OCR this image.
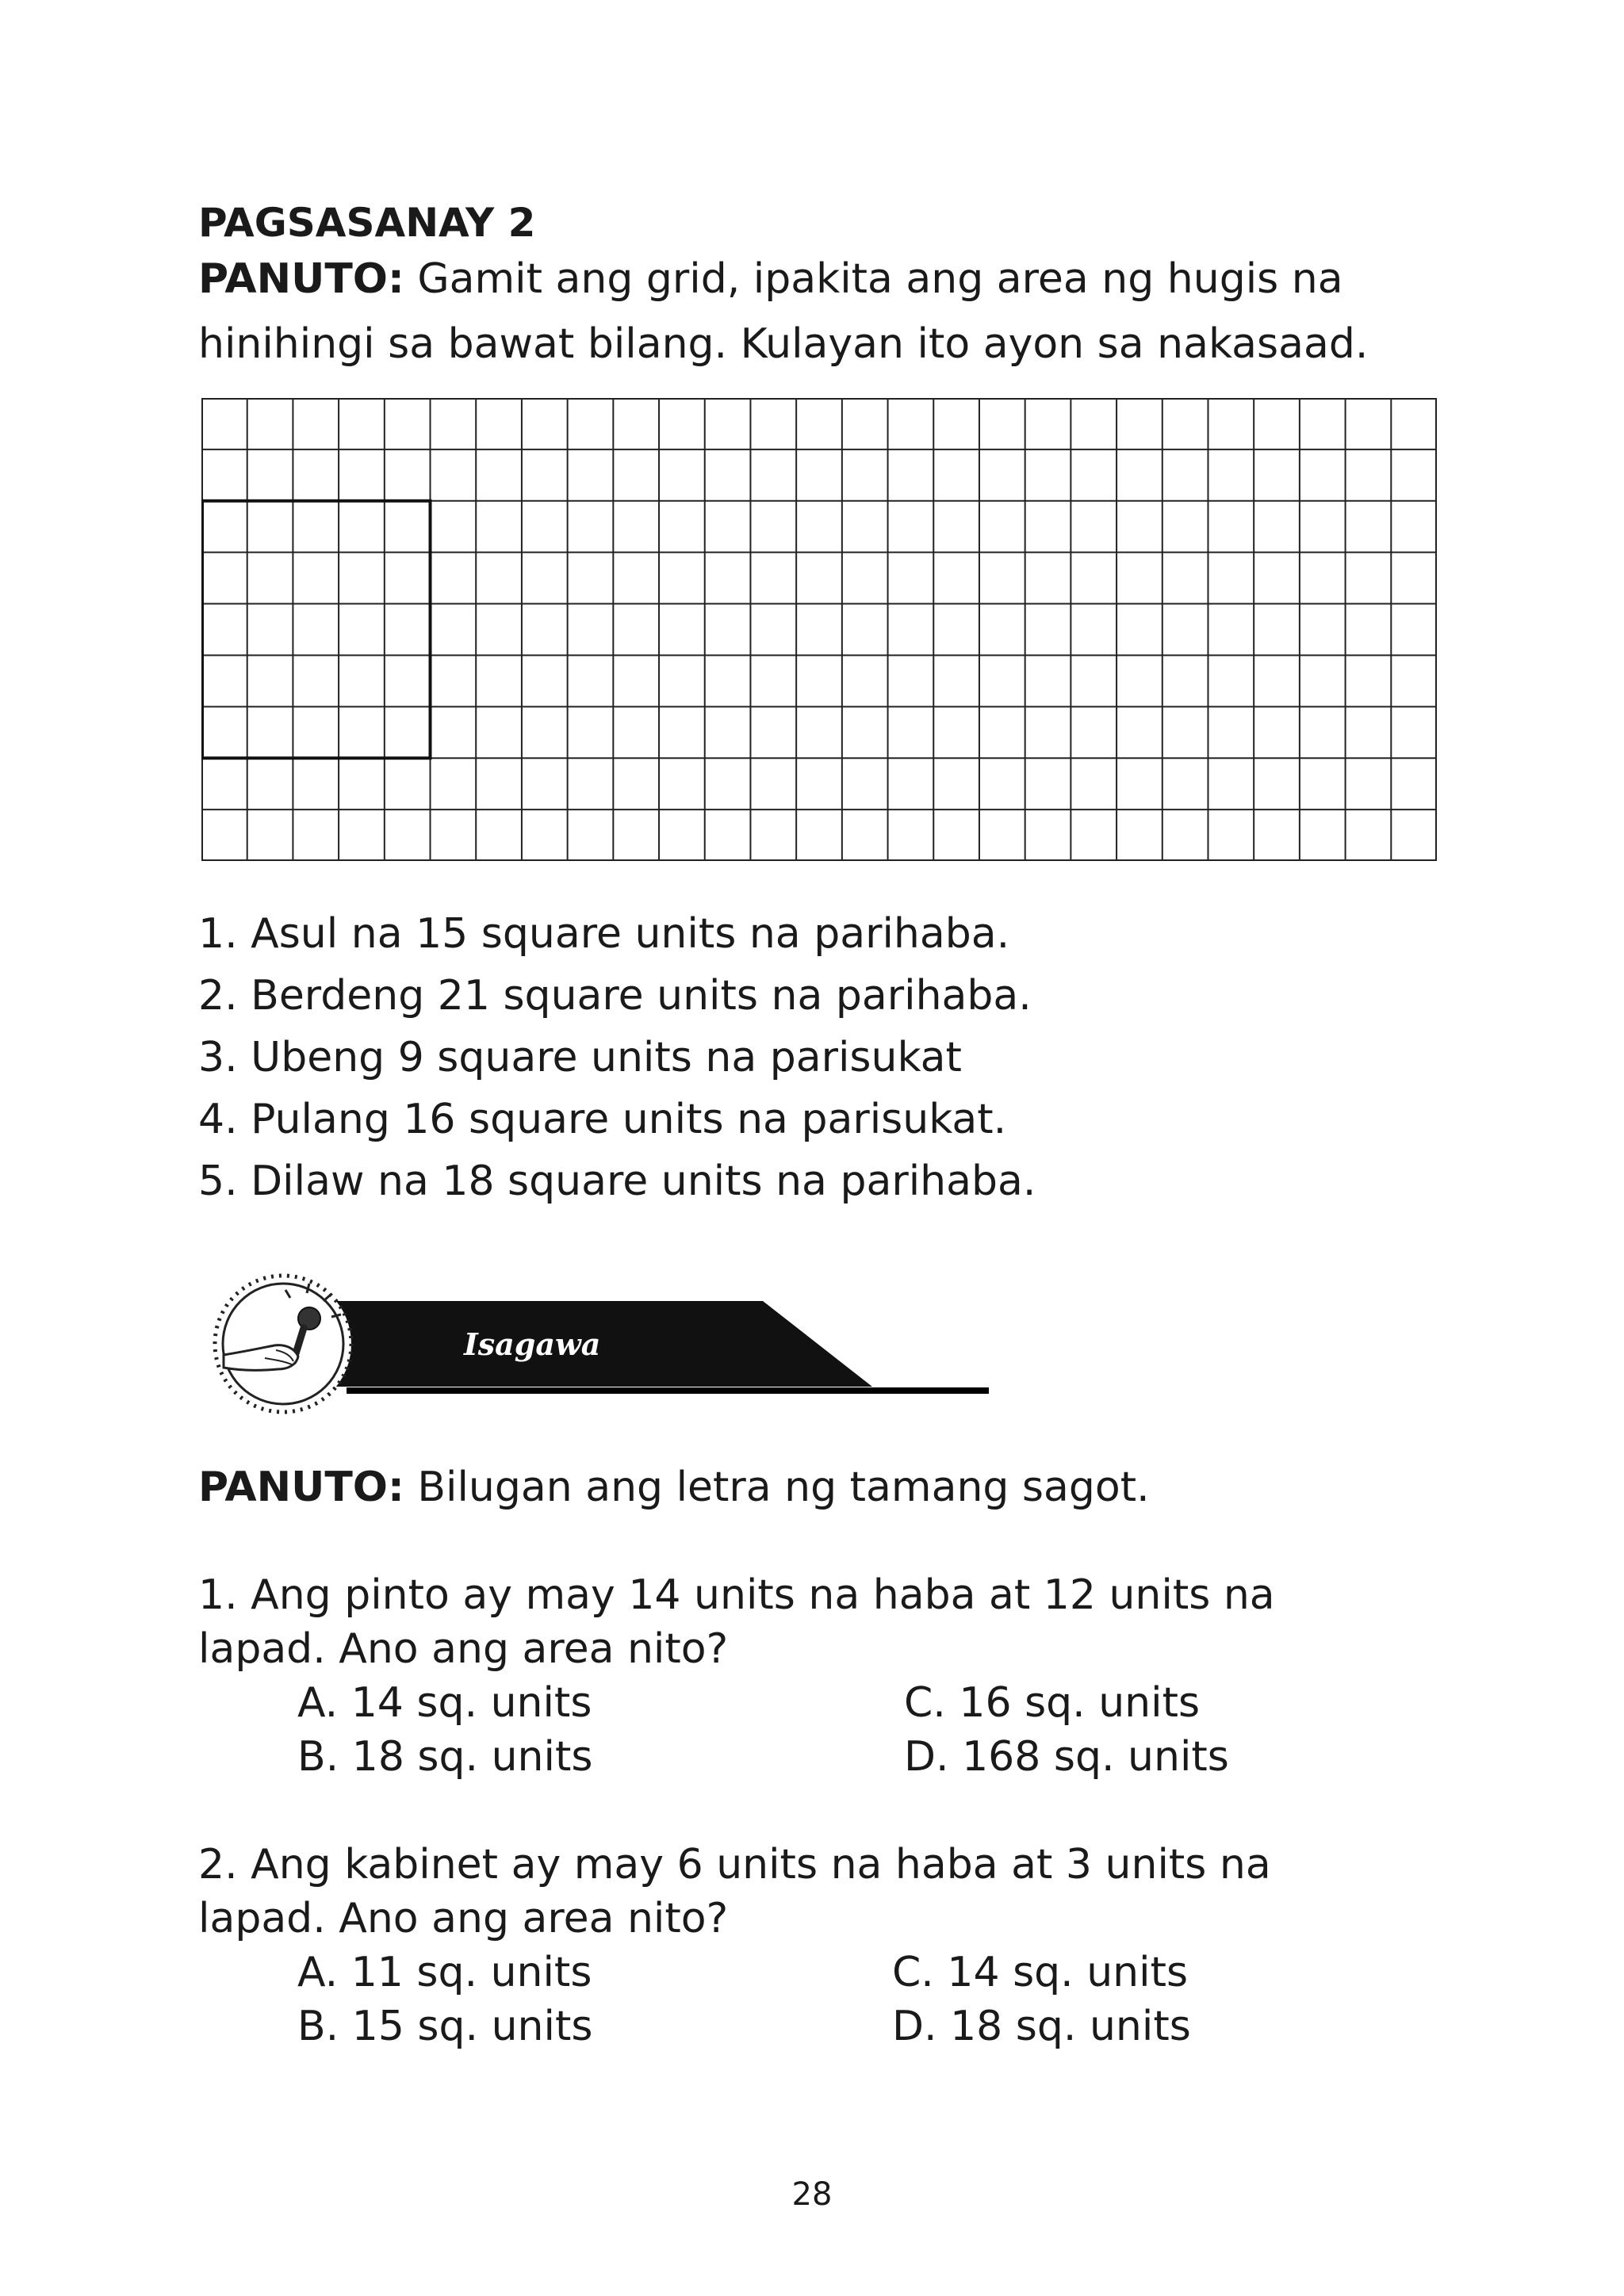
PAGSASANAY 2
PANUTO: Gamit ang grid, ipakita ang area ng hugis na
hinihingi sa bawat bilang. Kulayan ito ayon sa nakasaad.
1. Asul na 15 square units na parihaba.
2. Berdeng 21 square units na parihaba.
3. Ubeng 9 square units na parisukat
4. Pulang 16 square units na parisukat.
5. Dilaw na 18 square units na parihaba.
Isagawa
PANUTO: Bilugan ang letra ng tamang sagot.
1. Ang pinto ay may 14 units na haba at 12 units na
lapad. Ano ang area nito?
A. 14 sq. units	C. 16 sq. units
B. 18 sq. units	D. 168 sq. units
2. Ang kabinet ay may 6 units na haba at 3 units na
lapad. Ano ang area nito?
A. 11 sq. units	C. 14 sq. units
B. 15 sq. units	D. 18 sq. units
28
